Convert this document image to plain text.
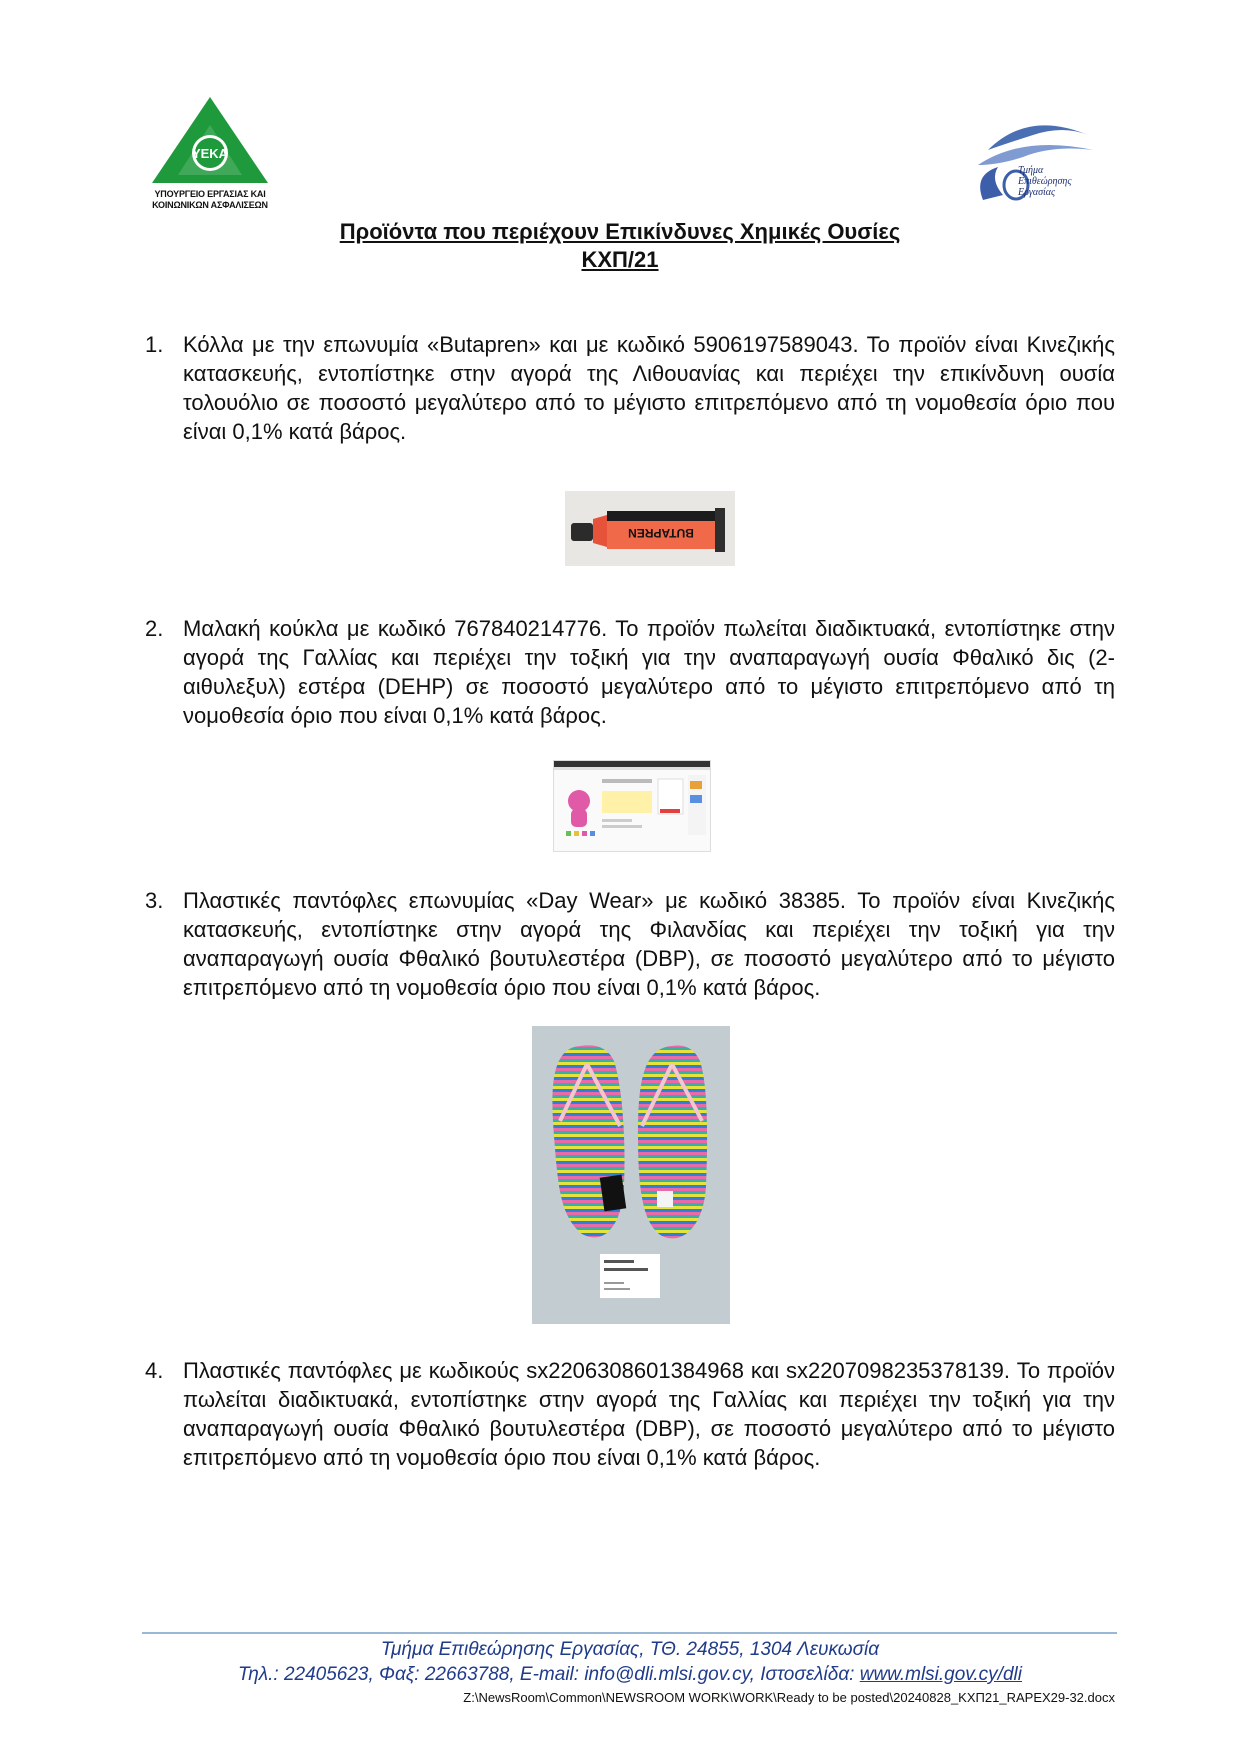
YEKA
ΥΠΟΥΡΓΕΙΟ ΕΡΓΑΣΙΑΣ ΚΑΙ
ΚΟΙΝΩΝΙΚΩΝ ΑΣΦΑΛΙΣΕΩΝ
Τμήμα
Επιθεώρησης
Εργασίας
Προϊόντα που περιέχουν Επικίνδυνες Χημικές Ουσίες
ΚΧΠ/21
1. Κόλλα με την επωνυμία «Butapren» και με κωδικό 5906197589043. Το προϊόν είναι Κινεζικής κατασκευής, εντοπίστηκε στην αγορά της Λιθουανίας και περιέχει την επικίνδυνη ουσία τολουόλιο σε ποσοστό μεγαλύτερο από το μέγιστο επιτρεπόμενο από τη νομοθεσία όριο που είναι 0,1% κατά βάρος.
BUTAPREN
2. Μαλακή κούκλα με κωδικό 767840214776. Το προϊόν πωλείται διαδικτυακά, εντοπίστηκε στην αγορά της Γαλλίας και περιέχει την τοξική για την αναπαραγωγή ουσία Φθαλικό δις (2-αιθυλεξυλ) εστέρα (DEHP) σε ποσοστό μεγαλύτερο από το μέγιστο επιτρεπόμενο από τη νομοθεσία όριο που είναι 0,1% κατά βάρος.
3. Πλαστικές παντόφλες επωνυμίας «Day Wear» με κωδικό 38385. Το προϊόν είναι Κινεζικής κατασκευής, εντοπίστηκε στην αγορά της Φιλανδίας και περιέχει την τοξική για την αναπαραγωγή ουσία Φθαλικό βουτυλεστέρα (DBP), σε ποσοστό μεγαλύτερο από το μέγιστο επιτρεπόμενο από τη νομοθεσία όριο που είναι 0,1% κατά βάρος.
4. Πλαστικές παντόφλες με κωδικούς sx2206308601384968 και sx2207098235378139. Το προϊόν πωλείται διαδικτυακά, εντοπίστηκε στην αγορά της Γαλλίας και περιέχει την τοξική για την αναπαραγωγή ουσία Φθαλικό βουτυλεστέρα (DBP), σε ποσοστό μεγαλύτερο από το μέγιστο επιτρεπόμενο από τη νομοθεσία όριο που είναι 0,1% κατά βάρος.
Τμήμα Επιθεώρησης Εργασίας, ΤΘ. 24855, 1304 Λευκωσία
Τηλ.: 22405623, Φαξ: 22663788, E-mail: info@dli.mlsi.gov.cy, Ιστοσελίδα: www.mlsi.gov.cy/dli
Z:\NewsRoom\Common\NEWSROOM WORK\WORK\Ready to be posted\20240828_ΚΧΠ21_RAPEX29-32.docx
